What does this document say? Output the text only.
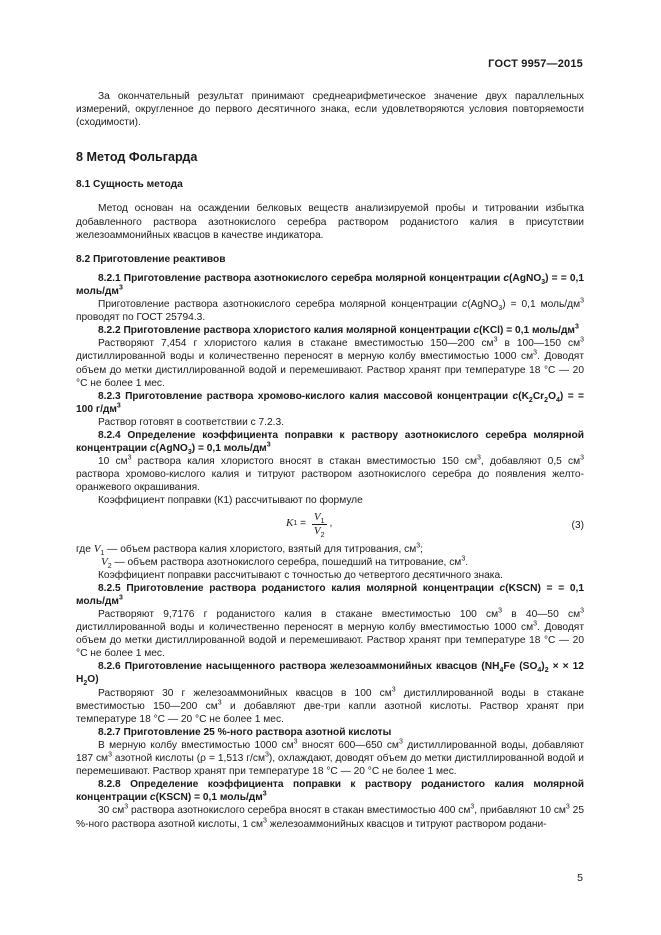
ГОСТ 9957—2015

За окончательный результат принимают среднеарифметическое значение двух параллельных измерений, округленное до первого десятичного знака, если удовлетворяются условия повторяемости (сходимости).

8 Метод Фольгарда

8.1 Сущность метода

Метод основан на осаждении белковых веществ анализируемой пробы и титровании избытка добавленного раствора азотнокислого серебра раствором роданистого калия в присутствии железоаммонийных квасцов в качестве индикатора.

8.2 Приготовление реактивов

8.2.1 Приготовление раствора азотнокислого серебра молярной концентрации c(AgNO$_3$) = = 0,1 моль/$дм^3$

Приготовление раствора азотнокислого серебра молярной концентрации c(AgNO$_3$) = 0,1 моль/$дм^3$ проводят по ГОСТ 25794.3.

8.2.2 Приготовление раствора хлористого калия молярной концентрации c(KCl) = 0,1 моль/$дм^3$

Растворяют 7,454 г хлористого калия в стакане вместимостью 150—200 $см^3$ в 100—150 $см^3$ дистиллированной воды и количественно переносят в мерную колбу вместимостью 1000 $см^3$. Доводят объем до метки дистиллированной водой и перемешивают. Раствор хранят при температуре 18 °С — 20 °С не более 1 мес.

8.2.3 Приготовление раствора хромово-кислого калия массовой концентрации $c(K_2Cr_2O_4)$ = = 100 $г/дм^3$

Раствор готовят в соответствии с 7.2.3.

8.2.4 Определение коэффициента поправки к раствору азотнокислого серебра молярной концентрации c(AgNO$_3$) = 0,1 моль/$дм^3$

10 $см^3$ раствора калия хлористого вносят в стакан вместимостью 150 $см^3$, добавляют 0,5 $см^3$ раствора хромово-кислого калия и титруют раствором азотнокислого серебра до появления желто-оранжевого окрашивания.

Коэффициент поправки (К1) рассчитывают по формуле

K $1 = \frac{V_1}{V_2}$ ,	(3)

где $V_1$ — объем раствора калия хлористого, взятый для титрования, $см^3$;

$V_2$ — объем раствора азотнокислого серебра, пошедший на титрование, $см^3$.

Коэффициент поправки рассчитывают с точностью до четвертого десятичного знака.

8.2.5 Приготовление раствора роданистого калия молярной концентрации c(KSCN) = = 0,1 моль/$дм^3$

Растворяют 9,7176 г роданистого калия в стакане вместимостью 100 $см^3$ в 40—50 $см^3$ дистиллированной воды и количественно переносят в мерную колбу вместимостью 1000 $см^3$. Доводят объем до метки дистиллированной водой и перемешивают. Раствор хранят при температуре 18 °С — 20 °С не более 1 мес.

8.2.6 Приготовление насыщенного раствора железоаммонийных квасцов ($NH_4Fe$ $(SO_4)_2$ × × 12 $H_2O$)

Растворяют 30 г железоаммонийных квасцов в 100 $см^3$ дистиллированной воды в стакане вместимостью 150—200 $см^3$ и добавляют две-три капли азотной кислоты. Раствор хранят при температуре 18 °С — 20 °С не более 1 мес.

8.2.7 Приготовление 25 %-ного раствора азотной кислоты

В мерную колбу вместимостью 1000 $см^3$ вносят 600—650 $см^3$ дистиллированной воды, добавляют 187 $см^3$ азотной кислоты (ρ = 1,513 $г/см^3$), охлаждают, доводят объем до метки дистиллированной водой и перемешивают. Раствор хранят при температуре 18 °С — 20 °С не более 1 мес.

8.2.8 Определение коэффициента поправки к раствору роданистого калия молярной концентрации c(KSCN) = 0,1 моль/$дм^3$

30 $см^3$ раствора азотнокислого серебра вносят в стакан вместимостью 400 $см^3$, прибавляют 10 $см^3$ 25 %-ного раствора азотной кислоты, 1 $см^3$ железоаммонийных квасцов и титруют раствором родани-

5
